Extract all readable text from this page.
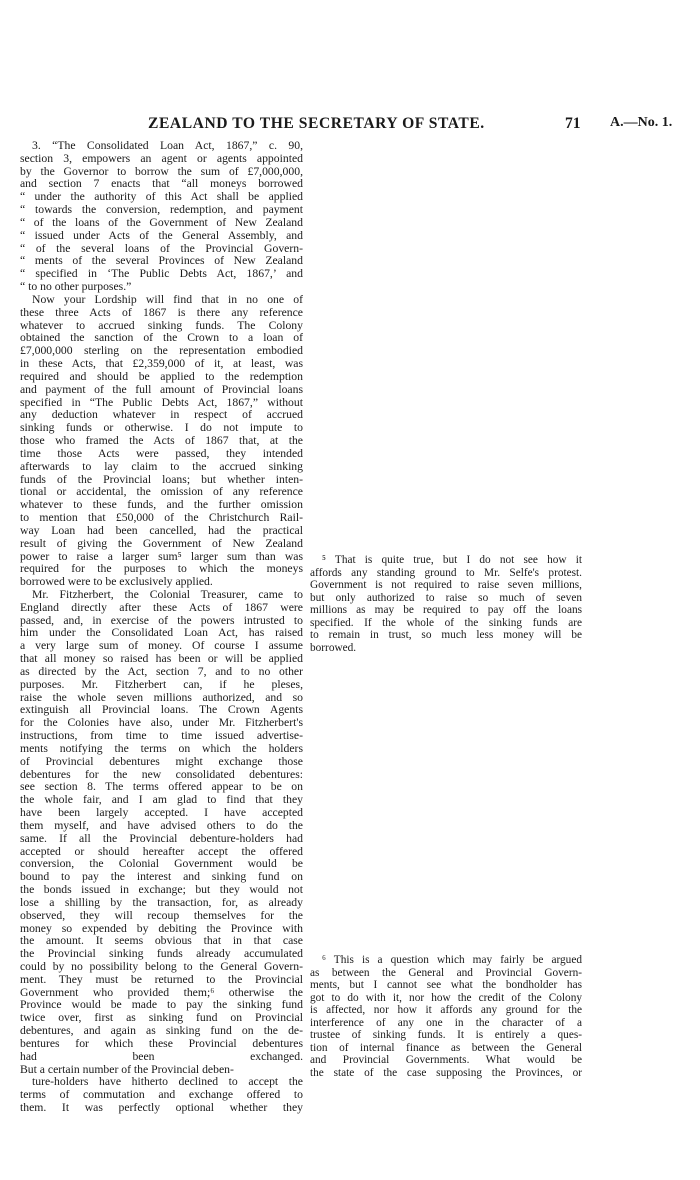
ZEALAND TO THE SECRETARY OF STATE.	71 A.—No. 1.
3. “The Consolidated Loan Act, 1867,” c. 90,
section 3, empowers an agent or agents appointed
by the Governor to borrow the sum of £7,000,000,
and section 7 enacts that “all moneys borrowed
“ under the authority of this Act shall be applied
“ towards the conversion, redemption, and payment
“ of the loans of the Government of New Zealand
“ issued under Acts of the General Assembly, and
“ of the several loans of the Provincial Govern-
“ ments of the several Provinces of New Zealand
“ specified in ‘The Public Debts Act, 1867,’ and
“ to no other purposes.”
Now your Lordship will find that in no one of
these three Acts of 1867 is there any reference
whatever to accrued sinking funds. The Colony
obtained the sanction of the Crown to a loan of
£7,000,000 sterling on the representation embodied
in these Acts, that £2,359,000 of it, at least, was
required and should be applied to the redemption
and payment of the full amount of Provincial loans
specified in “The Public Debts Act, 1867,” without
any deduction whatever in respect of accrued
sinking funds or otherwise. I do not impute to
those who framed the Acts of 1867 that, at the
time those Acts were passed, they intended
afterwards to lay claim to the accrued sinking
funds of the Provincial loans; but whether inten-
tional or accidental, the omission of any reference
whatever to these funds, and the further omission
to mention that £50,000 of the Christchurch Rail-
way Loan had been cancelled, had the practical
result of giving the Government of New Zealand
power to raise a larger sum⁵ larger sum than was
required for the purposes to which the moneys
borrowed were to be exclusively applied.
Mr. Fitzherbert, the Colonial Treasurer, came to
England directly after these Acts of 1867 were
passed, and, in exercise of the powers intrusted to
him under the Consolidated Loan Act, has raised
a very large sum of money. Of course I assume
that all money so raised has been or will be applied
as directed by the Act, section 7, and to no other
purposes. Mr. Fitzherbert can, if he pleses,
raise the whole seven millions authorized, and so
extinguish all Provincial loans. The Crown Agents
for the Colonies have also, under Mr. Fitzherbert's
instructions, from time to time issued advertise-
ments notifying the terms on which the holders
of Provincial debentures might exchange those
debentures for the new consolidated debentures:
see section 8. The terms offered appear to be on
the whole fair, and I am glad to find that they
have been largely accepted. I have accepted
them myself, and have advised others to do the
same. If all the Provincial debenture-holders had
accepted or should hereafter accept the offered
conversion, the Colonial Government would be
bound to pay the interest and sinking fund on
the bonds issued in exchange; but they would not
lose a shilling by the transaction, for, as already
observed, they will recoup themselves for the
money so expended by debiting the Province with
the amount. It seems obvious that in that case
the Provincial sinking funds already accumulated
could by no possibility belong to the General Govern-
ment. They must be returned to the Provincial
Government who provided them;⁶ otherwise the
Province would be made to pay the sinking fund
twice over, first as sinking fund on Provincial
debentures, and again as sinking fund on the de-
bentures for which these Provincial debentures
had been exchanged.
But a certain number of the Provincial deben-
ture-holders have hitherto declined to accept the
terms of commutation and exchange offered to
them. It was perfectly optional whether they
⁵ That is quite true, but I do not see how it
affords any standing ground to Mr. Selfe's protest.
Government is not required to raise seven millions,
but only authorized to raise so much of seven
millions as may be required to pay off the loans
specified. If the whole of the sinking funds are
to remain in trust, so much less money will be
borrowed.
⁶ This is a question which may fairly be argued
as between the General and Provincial Govern-
ments, but I cannot see what the bondholder has
got to do with it, nor how the credit of the Colony
is affected, nor how it affords any ground for the
interference of any one in the character of a
trustee of sinking funds. It is entirely a ques-
tion of internal finance as between the General
and Provincial Governments. What would be
the state of the case supposing the Provinces, or
